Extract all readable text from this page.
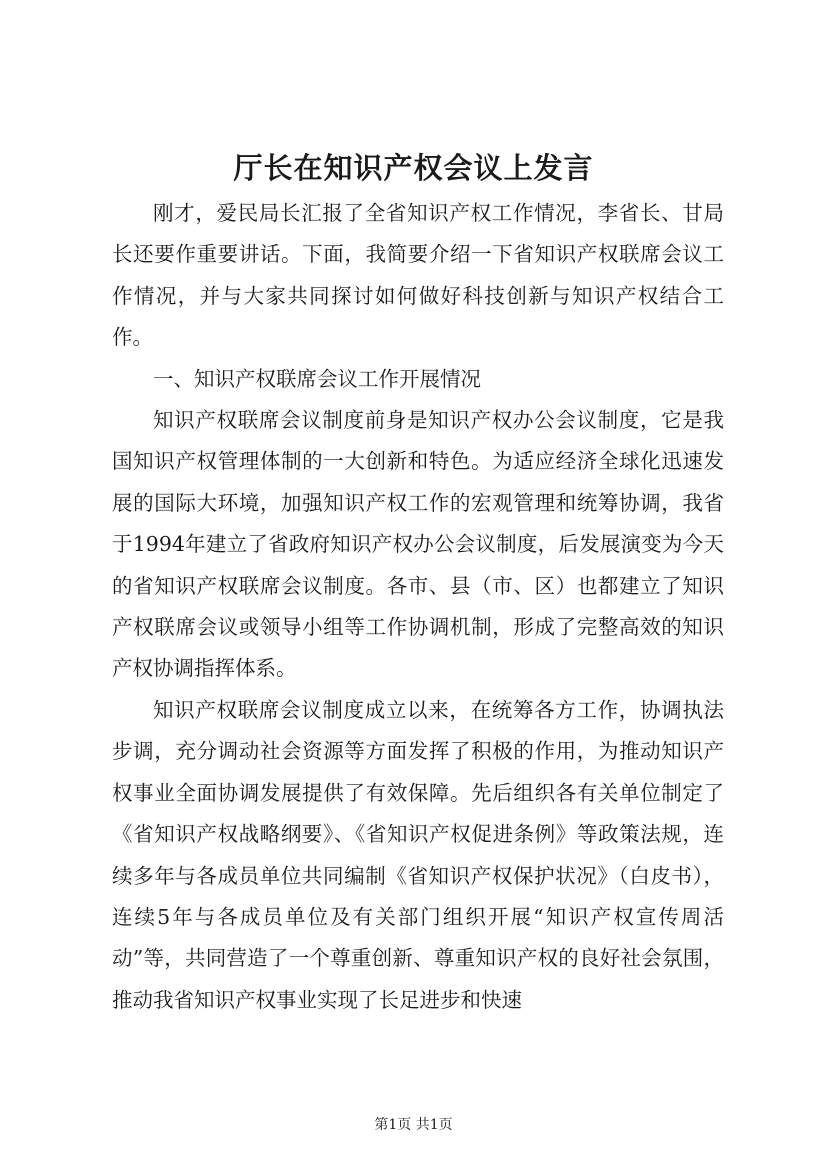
厅长在知识产权会议上发言

刚才，爱民局长汇报了全省知识产权工作情况，李省长、甘局长还要作重要讲话。下面，我简要介绍一下省知识产权联席会议工作情况，并与大家共同探讨如何做好科技创新与知识产权结合工作。

一、知识产权联席会议工作开展情况

知识产权联席会议制度前身是知识产权办公会议制度，它是我国知识产权管理体制的一大创新和特色。为适应经济全球化迅速发展的国际大环境，加强知识产权工作的宏观管理和统筹协调，我省于1994年建立了省政府知识产权办公会议制度，后发展演变为今天的省知识产权联席会议制度。各市、县（市、区）也都建立了知识产权联席会议或领导小组等工作协调机制，形成了完整高效的知识产权协调指挥体系。

知识产权联席会议制度成立以来，在统筹各方工作，协调执法步调，充分调动社会资源等方面发挥了积极的作用，为推动知识产权事业全面协调发展提供了有效保障。先后组织各有关单位制定了《省知识产权战略纲要》、《省知识产权促进条例》等政策法规，连续多年与各成员单位共同编制《省知识产权保护状况》（白皮书），连续5年与各成员单位及有关部门组织开展“知识产权宣传周活动”等，共同营造了一个尊重创新、尊重知识产权的良好社会氛围，推动我省知识产权事业实现了长足进步和快速

第1页 共1页
